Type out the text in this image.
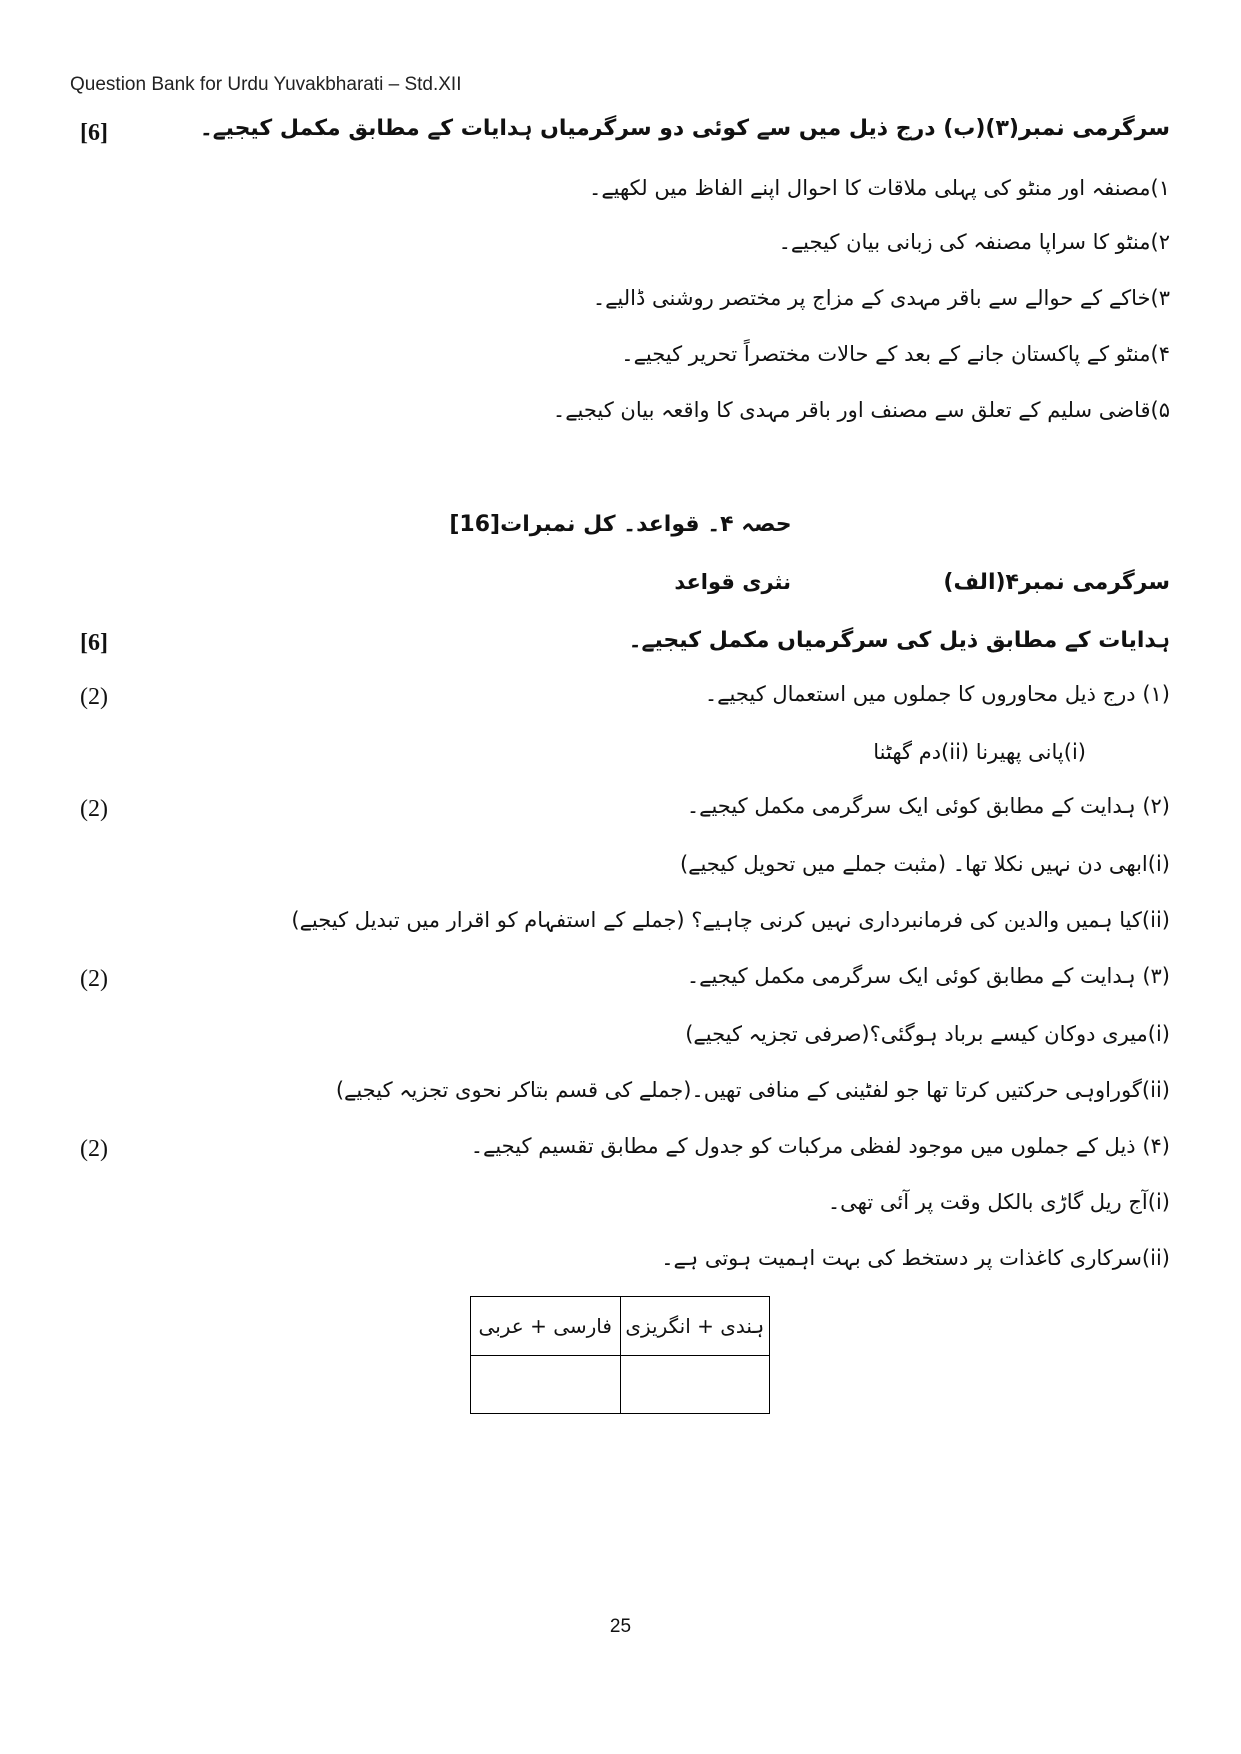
Question Bank for Urdu Yuvakbharati – Std.XII
سرگرمی نمبر(۳)(ب) درج ذیل میں سے کوئی دو سرگرمیاں ہدایات کے مطابق مکمل کیجیے۔
[6]
۱)مصنفہ اور منٹو کی پہلی ملاقات کا احوال اپنے الفاظ میں لکھیے۔
۲)منٹو کا سراپا مصنفہ کی زبانی بیان کیجیے۔
۳)خاکے کے حوالے سے باقر مہدی کے مزاج پر مختصر روشنی ڈالیے۔
۴)منٹو کے پاکستان جانے کے بعد کے حالات مختصراً تحریر کیجیے۔
۵)قاضی سلیم کے تعلق سے مصنف اور باقر مہدی کا واقعہ بیان کیجیے۔
حصہ ۴۔ قواعد۔ کل نمبرات[16]
سرگرمی نمبر۴(الف)
نثری قواعد
ہدایات کے مطابق ذیل کی سرگرمیاں مکمل کیجیے۔
[6]
(۱) درج ذیل محاوروں کا جملوں میں استعمال کیجیے۔
(2)
(i)پانی پھیرنا (ii)دم گھٹنا
(۲) ہدایت کے مطابق کوئی ایک سرگرمی مکمل کیجیے۔
(2)
(i)ابھی دن نہیں نکلا تھا۔ (مثبت جملے میں تحویل کیجیے)
(ii)کیا ہمیں والدین کی فرمانبرداری نہیں کرنی چاہیے؟ (جملے کے استفہام کو اقرار میں تبدیل کیجیے)
(۳) ہدایت کے مطابق کوئی ایک سرگرمی مکمل کیجیے۔
(2)
(i)میری دوکان کیسے برباد ہوگئی؟(صرفی تجزیہ کیجیے)
(ii)گوراوہی حرکتیں کرتا تھا جو لفٹینی کے منافی تھیں۔(جملے کی قسم بتاکر نحوی تجزیہ کیجیے)
(۴) ذیل کے جملوں میں موجود لفظی مرکبات کو جدول کے مطابق تقسیم کیجیے۔
(2)
(i)آج ریل گاڑی بالکل وقت پر آئی تھی۔
(ii)سرکاری کاغذات پر دستخط کی بہت اہمیت ہوتی ہے۔
ہندی + انگریزی	فارسی + عربی

25
